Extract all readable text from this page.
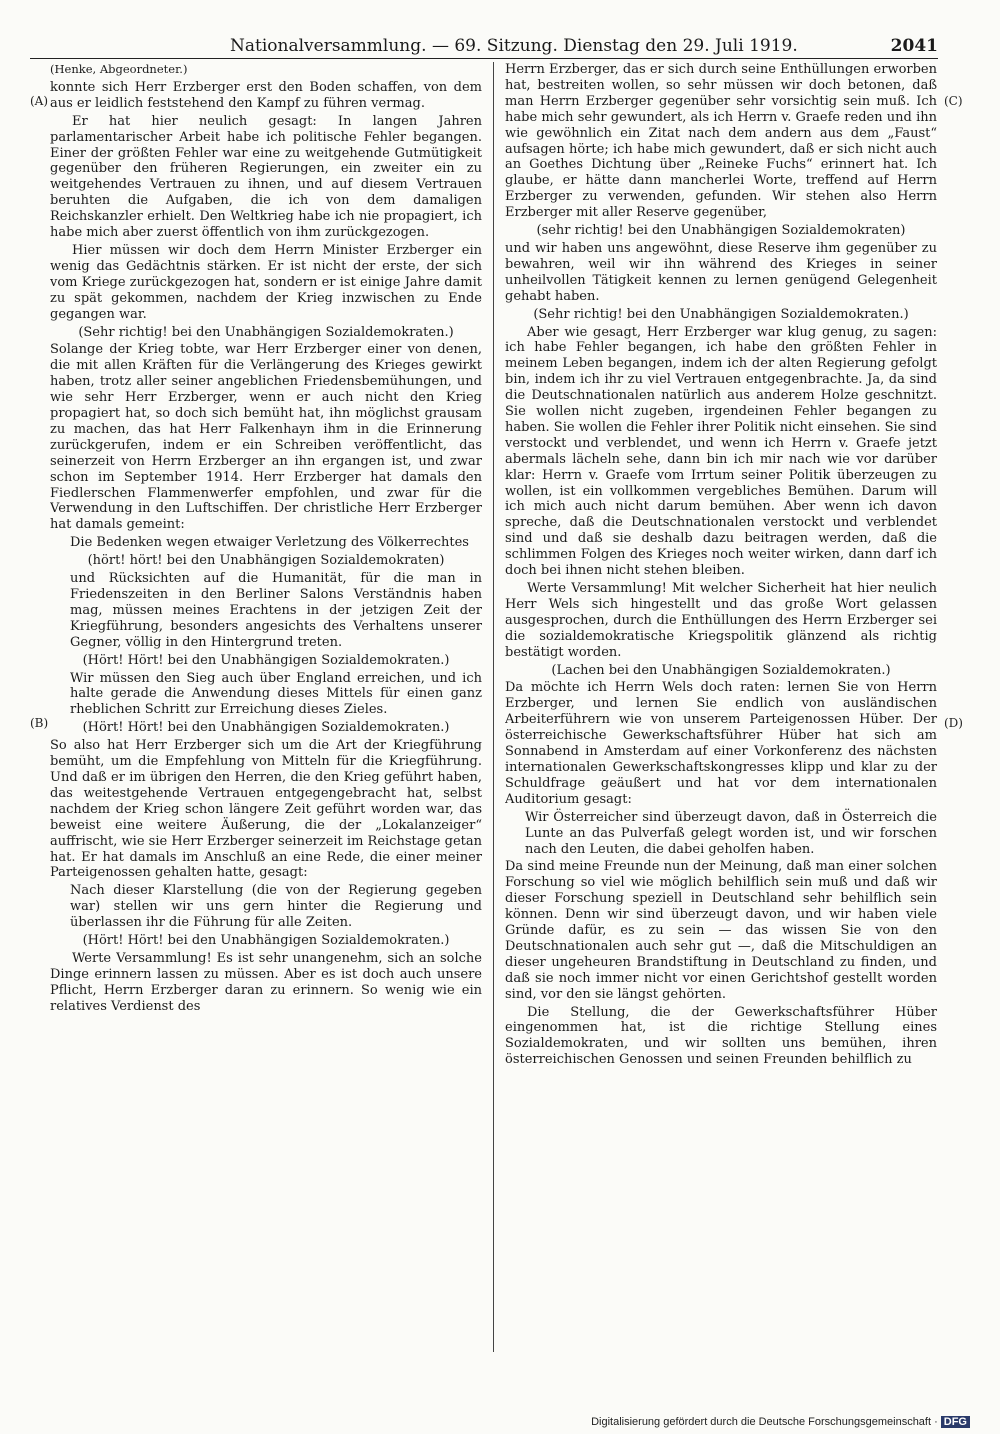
Nationalversammlung. — 69. Sitzung. Dienstag den 29. Juli 1919.	2041
(A)
(B)
(C)
(D)

(Henke, Abgeordneter.)

konnte sich Herr Erzberger erst den Boden schaffen, von dem aus er leidlich feststehend den Kampf zu führen vermag.

Er hat hier neulich gesagt: In langen Jahren parlamentarischer Arbeit habe ich politische Fehler begangen. Einer der größten Fehler war eine zu weitgehende Gutmütigkeit gegenüber den früheren Regierungen, ein zweiter ein zu weitgehendes Vertrauen zu ihnen, und auf diesem Vertrauen beruhten die Aufgaben, die ich von dem damaligen Reichskanzler erhielt. Den Weltkrieg habe ich nie propagiert, ich habe mich aber zuerst öffentlich von ihm zurückgezogen.

Hier müssen wir doch dem Herrn Minister Erzberger ein wenig das Gedächtnis stärken. Er ist nicht der erste, der sich vom Kriege zurückgezogen hat, sondern er ist einige Jahre damit zu spät gekommen, nachdem der Krieg inzwischen zu Ende gegangen war.

(Sehr richtig! bei den Unabhängigen Sozialdemokraten.)

Solange der Krieg tobte, war Herr Erzberger einer von denen, die mit allen Kräften für die Verlängerung des Krieges gewirkt haben, trotz aller seiner angeblichen Friedensbemühungen, und wie sehr Herr Erzberger, wenn er auch nicht den Krieg propagiert hat, so doch sich bemüht hat, ihn möglichst grausam zu machen, das hat Herr Falkenhayn ihm in die Erinnerung zurückgerufen, indem er ein Schreiben veröffentlicht, das seinerzeit von Herrn Erzberger an ihn ergangen ist, und zwar schon im September 1914. Herr Erzberger hat damals den Fiedlerschen Flammenwerfer empfohlen, und zwar für die Verwendung in den Luftschiffen. Der christliche Herr Erzberger hat damals gemeint:

Die Bedenken wegen etwaiger Verletzung des Völkerrechtes

(hört! hört! bei den Unabhängigen Sozialdemokraten)

und Rücksichten auf die Humanität, für die man in Friedenszeiten in den Berliner Salons Verständnis haben mag, müssen meines Erachtens in der jetzigen Zeit der Kriegführung, besonders angesichts des Verhaltens unserer Gegner, völlig in den Hintergrund treten.

(Hört! Hört! bei den Unabhängigen Sozialdemokraten.)

Wir müssen den Sieg auch über England erreichen, und ich halte gerade die Anwendung dieses Mittels für einen ganz rheblichen Schritt zur Erreichung dieses Zieles.

(Hört! Hört! bei den Unabhängigen Sozialdemokraten.)

So also hat Herr Erzberger sich um die Art der Kriegführung bemüht, um die Empfehlung von Mitteln für die Kriegführung. Und daß er im übrigen den Herren, die den Krieg geführt haben, das weitestgehende Vertrauen entgegengebracht hat, selbst nachdem der Krieg schon längere Zeit geführt worden war, das beweist eine weitere Äußerung, die der „Lokalanzeiger“ auffrischt, wie sie Herr Erzberger seinerzeit im Reichstage getan hat. Er hat damals im Anschluß an eine Rede, die einer meiner Parteigenossen gehalten hatte, gesagt:

Nach dieser Klarstellung (die von der Regierung gegeben war) stellen wir uns gern hinter die Regierung und überlassen ihr die Führung für alle Zeiten.

(Hört! Hört! bei den Unabhängigen Sozialdemokraten.)

Werte Versammlung! Es ist sehr unangenehm, sich an solche Dinge erinnern lassen zu müssen. Aber es ist doch auch unsere Pflicht, Herrn Erzberger daran zu erinnern. So wenig wie ein relatives Verdienst des

Herrn Erzberger, das er sich durch seine Enthüllungen erworben hat, bestreiten wollen, so sehr müssen wir doch betonen, daß man Herrn Erzberger gegenüber sehr vorsichtig sein muß. Ich habe mich sehr gewundert, als ich Herrn v. Graefe reden und ihn wie gewöhnlich ein Zitat nach dem andern aus dem „Faust“ aufsagen hörte; ich habe mich gewundert, daß er sich nicht auch an Goethes Dichtung über „Reineke Fuchs“ erinnert hat. Ich glaube, er hätte dann mancherlei Worte, treffend auf Herrn Erzberger zu verwenden, gefunden. Wir stehen also Herrn Erzberger mit aller Reserve gegenüber,

(sehr richtig! bei den Unabhängigen Sozialdemokraten)

und wir haben uns angewöhnt, diese Reserve ihm gegenüber zu bewahren, weil wir ihn während des Krieges in seiner unheilvollen Tätigkeit kennen zu lernen genügend Gelegenheit gehabt haben.

(Sehr richtig! bei den Unabhängigen Sozialdemokraten.)

Aber wie gesagt, Herr Erzberger war klug genug, zu sagen: ich habe Fehler begangen, ich habe den größten Fehler in meinem Leben begangen, indem ich der alten Regierung gefolgt bin, indem ich ihr zu viel Vertrauen entgegenbrachte. Ja, da sind die Deutschnationalen natürlich aus anderem Holze geschnitzt. Sie wollen nicht zugeben, irgendeinen Fehler begangen zu haben. Sie wollen die Fehler ihrer Politik nicht einsehen. Sie sind verstockt und verblendet, und wenn ich Herrn v. Graefe jetzt abermals lächeln sehe, dann bin ich mir nach wie vor darüber klar: Herrn v. Graefe vom Irrtum seiner Politik überzeugen zu wollen, ist ein vollkommen vergebliches Bemühen. Darum will ich mich auch nicht darum bemühen. Aber wenn ich davon spreche, daß die Deutschnationalen verstockt und verblendet sind und daß sie deshalb dazu beitragen werden, daß die schlimmen Folgen des Krieges noch weiter wirken, dann darf ich doch bei ihnen nicht stehen bleiben.

Werte Versammlung! Mit welcher Sicherheit hat hier neulich Herr Wels sich hingestellt und das große Wort gelassen ausgesprochen, durch die Enthüllungen des Herrn Erzberger sei die sozialdemokratische Kriegspolitik glänzend als richtig bestätigt worden.

(Lachen bei den Unabhängigen Sozialdemokraten.)

Da möchte ich Herrn Wels doch raten: lernen Sie von Herrn Erzberger, und lernen Sie endlich von ausländischen Arbeiterführern wie von unserem Parteigenossen Hüber. Der österreichische Gewerkschaftsführer Hüber hat sich am Sonnabend in Amsterdam auf einer Vorkonferenz des nächsten internationalen Gewerkschaftskongresses klipp und klar zu der Schuldfrage geäußert und hat vor dem internationalen Auditorium gesagt:

Wir Österreicher sind überzeugt davon, daß in Österreich die Lunte an das Pulverfaß gelegt worden ist, und wir forschen nach den Leuten, die dabei geholfen haben.

Da sind meine Freunde nun der Meinung, daß man einer solchen Forschung so viel wie möglich behilflich sein muß und daß wir dieser Forschung speziell in Deutschland sehr behilflich sein können. Denn wir sind überzeugt davon, und wir haben viele Gründe dafür, es zu sein — das wissen Sie von den Deutschnationalen auch sehr gut —, daß die Mitschuldigen an dieser ungeheuren Brandstiftung in Deutschland zu finden, und daß sie noch immer nicht vor einen Gerichtshof gestellt worden sind, vor den sie längst gehörten.

Die Stellung, die der Gewerkschaftsführer Hüber eingenommen hat, ist die richtige Stellung eines Sozialdemokraten, und wir sollten uns bemühen, ihren österreichischen Genossen und seinen Freunden behilflich zu

Digitalisierung gefördert durch die Deutsche Forschungsgemeinschaft · DFG
